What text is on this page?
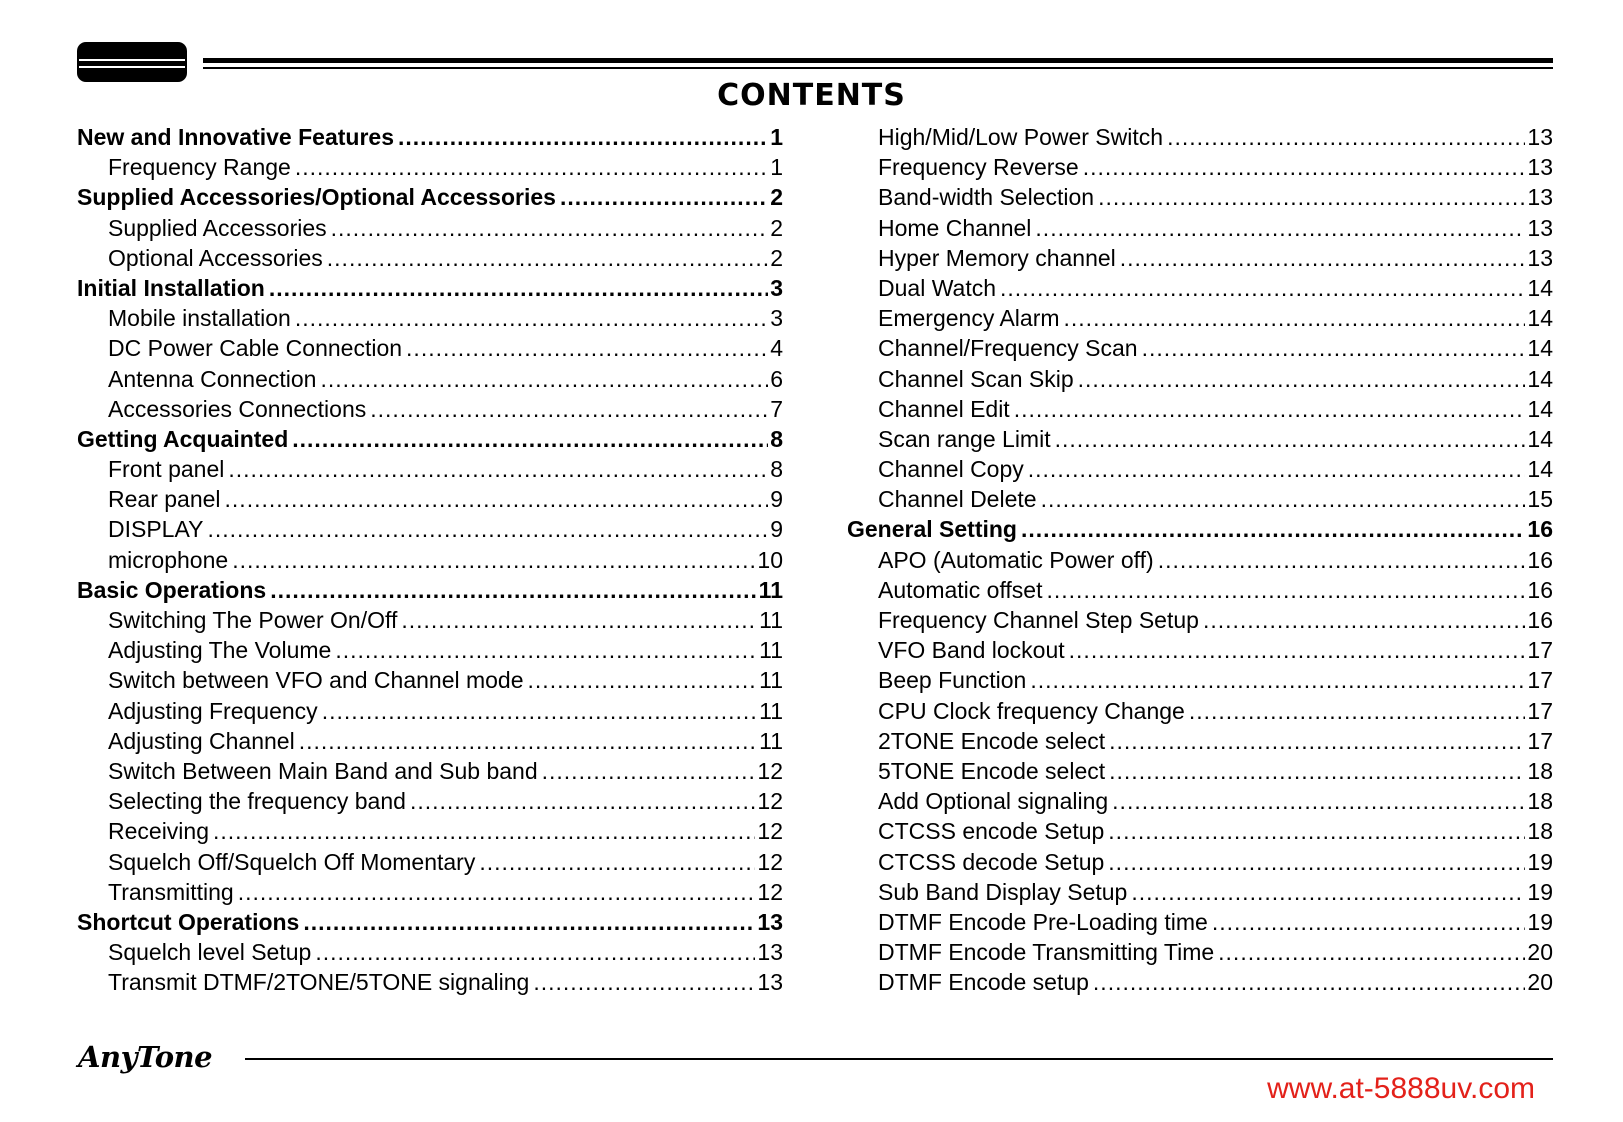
CONTENTS
New and Innovative Features .....	1
Frequency Range .....	1
Supplied Accessories/Optional Accessories .....	2
Supplied Accessories .....	2
Optional Accessories .....	2
Initial Installation .....	3
Mobile installation .....	3
DC Power Cable Connection .....	4
Antenna Connection .....	6
Accessories Connections .....	7
Getting Acquainted .....	8
Front panel .....	8
Rear panel .....	9
DISPLAY .....	9
microphone .....	10
Basic Operations .....	11
Switching The Power On/Off .....	11
Adjusting The Volume .....	11
Switch between VFO and Channel mode .....	11
Adjusting Frequency .....	11
Adjusting Channel .....	11
Switch Between Main Band and Sub band .....	12
Selecting the frequency band .....	12
Receiving .....	12
Squelch Off/Squelch Off Momentary .....	12
Transmitting .....	12
Shortcut Operations .....	13
Squelch level Setup .....	13
Transmit DTMF/2TONE/5TONE signaling .....	13
High/Mid/Low Power Switch .....	13
Frequency Reverse .....	13
Band-width Selection .....	13
Home Channel .....	13
Hyper Memory channel .....	13
Dual Watch .....	14
Emergency Alarm .....	14
Channel/Frequency Scan .....	14
Channel Scan Skip .....	14
Channel Edit .....	14
Scan range Limit .....	14
Channel Copy .....	14
Channel Delete .....	15
General Setting .....	16
APO (Automatic Power off) .....	16
Automatic offset .....	16
Frequency Channel Step Setup .....	16
VFO Band lockout .....	17
Beep Function .....	17
CPU Clock frequency Change .....	17
2TONE Encode select .....	17
5TONE Encode select .....	18
Add Optional signaling .....	18
CTCSS encode Setup .....	18
CTCSS decode Setup .....	19
Sub Band Display Setup .....	19
DTMF Encode Pre-Loading time .....	19
DTMF Encode Transmitting Time .....	20
DTMF Encode setup .....	20
AnyTone
www.at-5888uv.com
